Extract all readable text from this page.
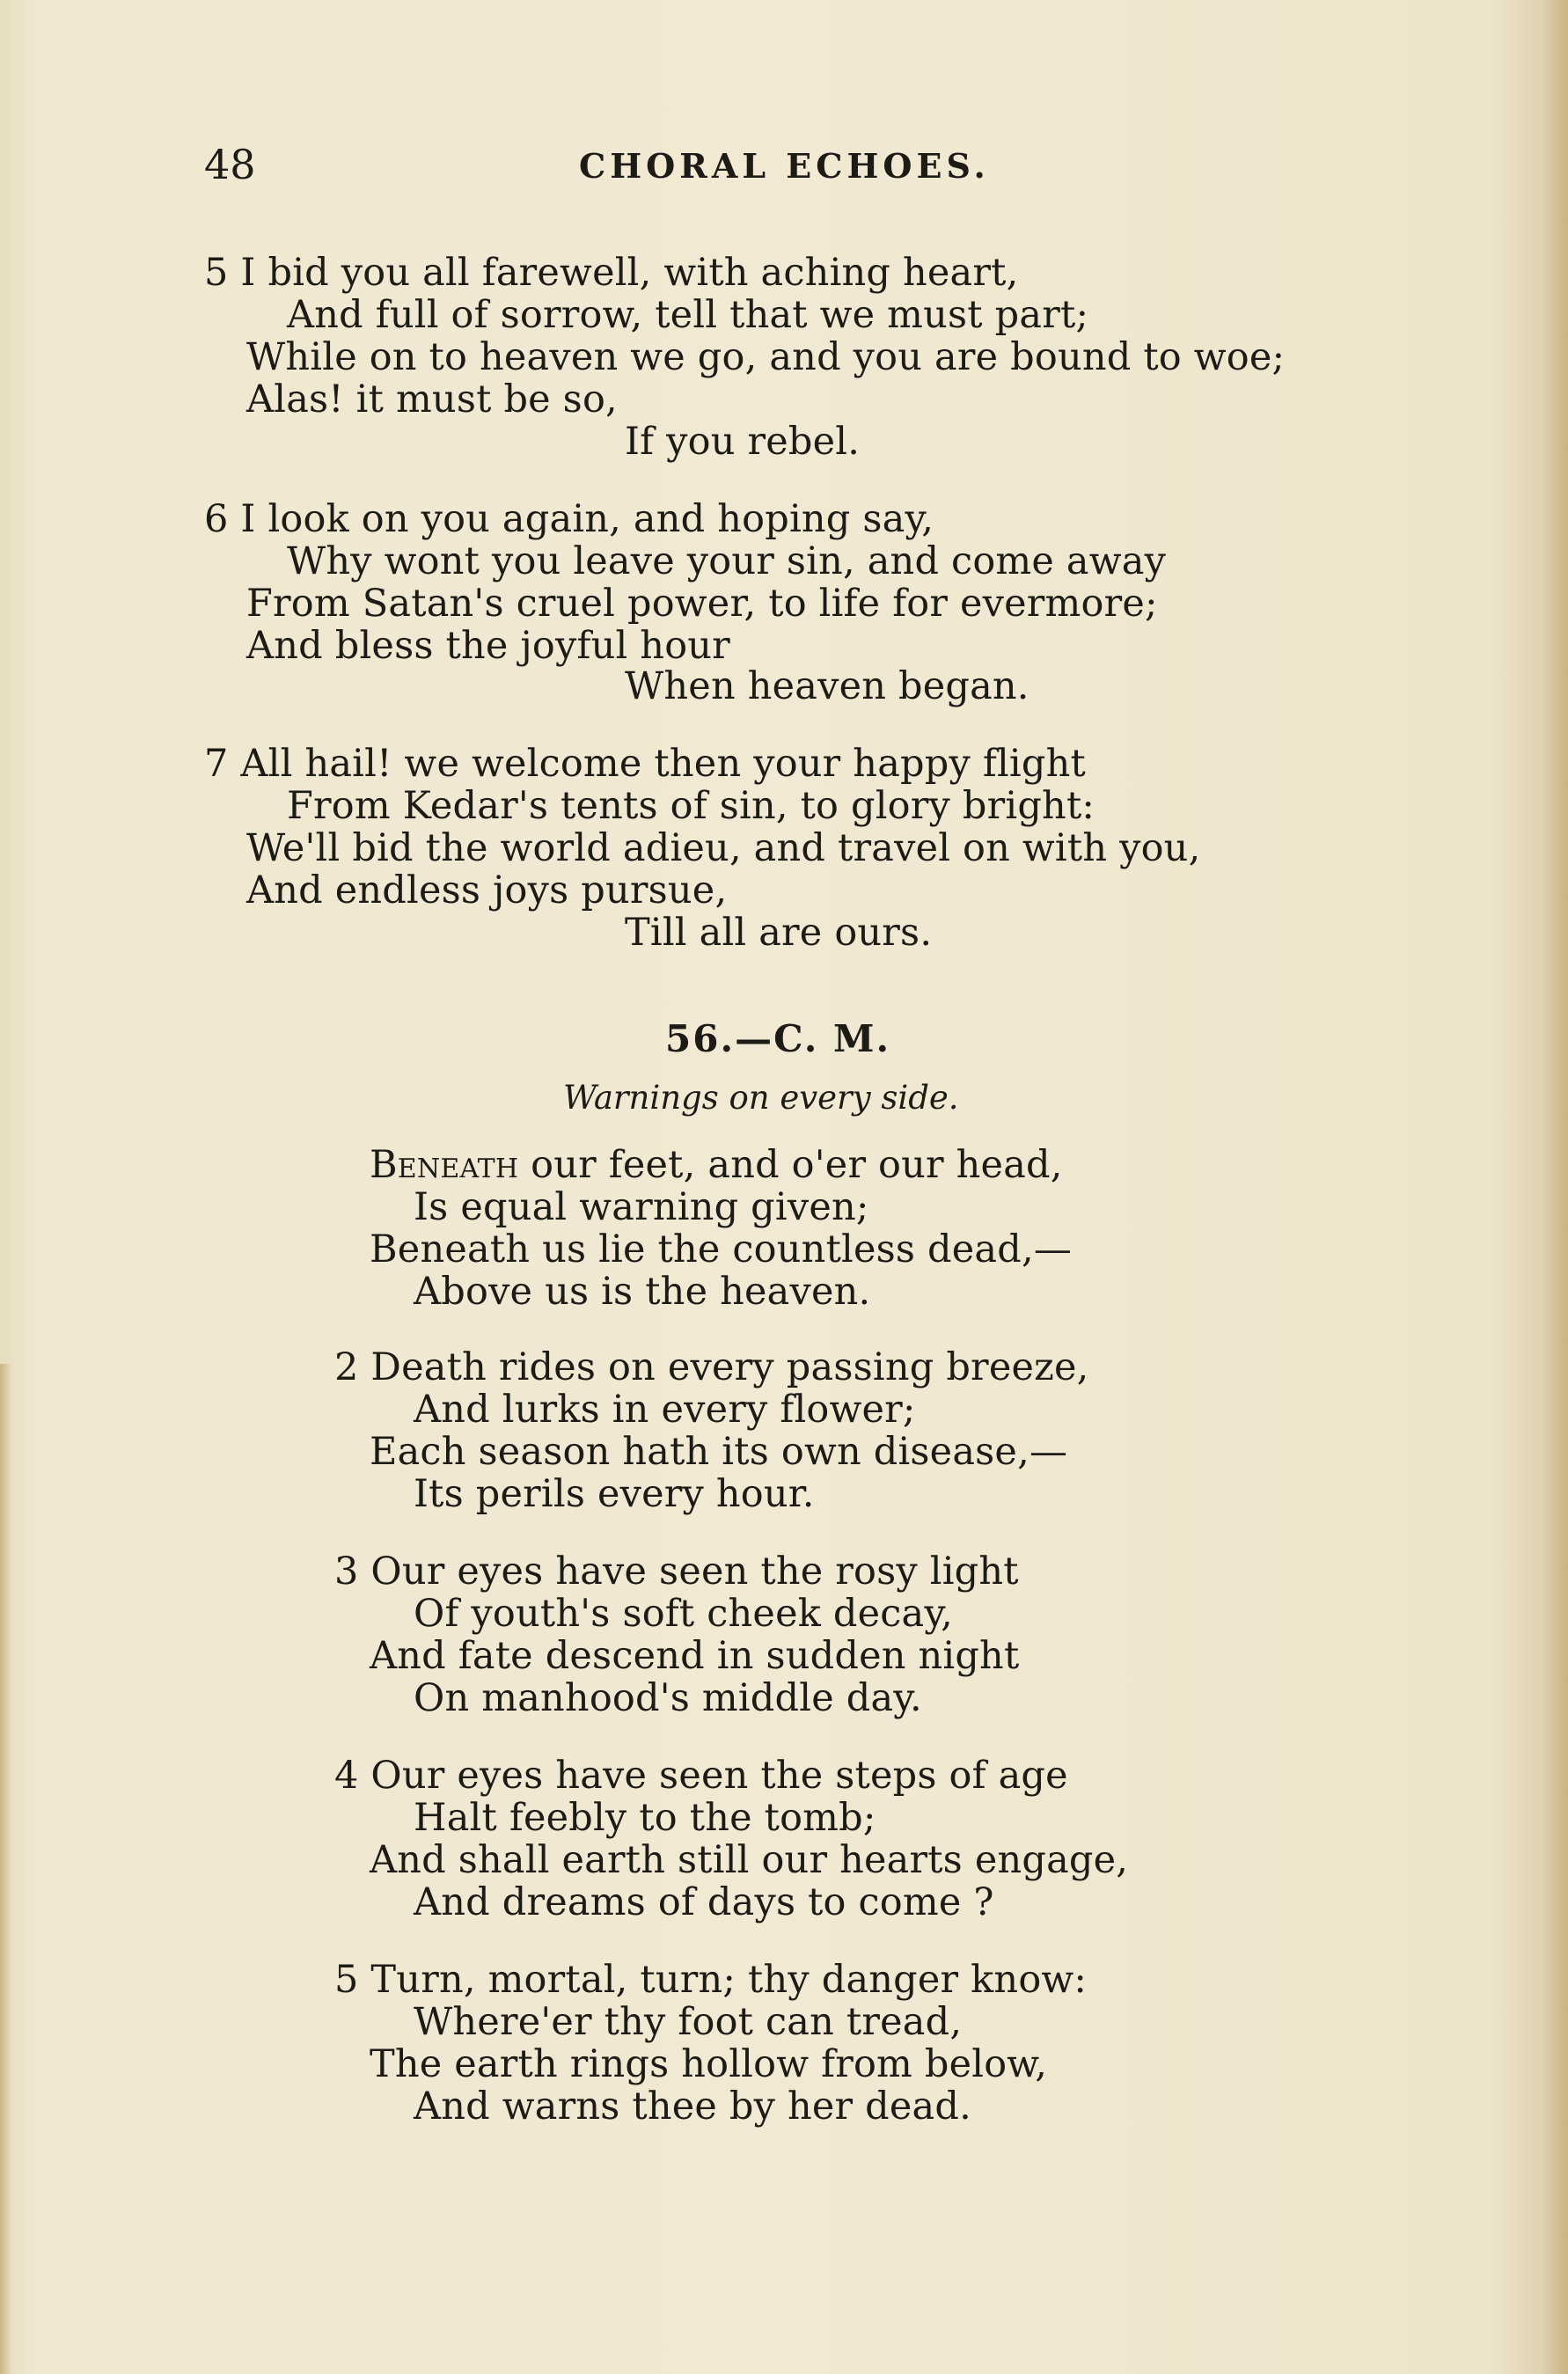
48	CHORAL ECHOES.
5 I bid you all farewell, with aching heart,
And full of sorrow, tell that we must part;
While on to heaven we go, and you are bound to woe;
Alas! it must be so,
If you rebel.
6 I look on you again, and hoping say,
Why wont you leave your sin, and come away
From Satan's cruel power, to life for evermore;
And bless the joyful hour
When heaven began.
7 All hail! we welcome then your happy flight
From Kedar's tents of sin, to glory bright:
We'll bid the world adieu, and travel on with you,
And endless joys pursue,
Till all are ours.
56.—C. M.
Warnings on every side.
Beneath our feet, and o'er our head,
Is equal warning given;
Beneath us lie the countless dead,—
Above us is the heaven.
2 Death rides on every passing breeze,
And lurks in every flower;
Each season hath its own disease,—
Its perils every hour.
3 Our eyes have seen the rosy light
Of youth's soft cheek decay,
And fate descend in sudden night
On manhood's middle day.
4 Our eyes have seen the steps of age
Halt feebly to the tomb;
And shall earth still our hearts engage,
And dreams of days to come ?
5 Turn, mortal, turn; thy danger know:
Where'er thy foot can tread,
The earth rings hollow from below,
And warns thee by her dead.
